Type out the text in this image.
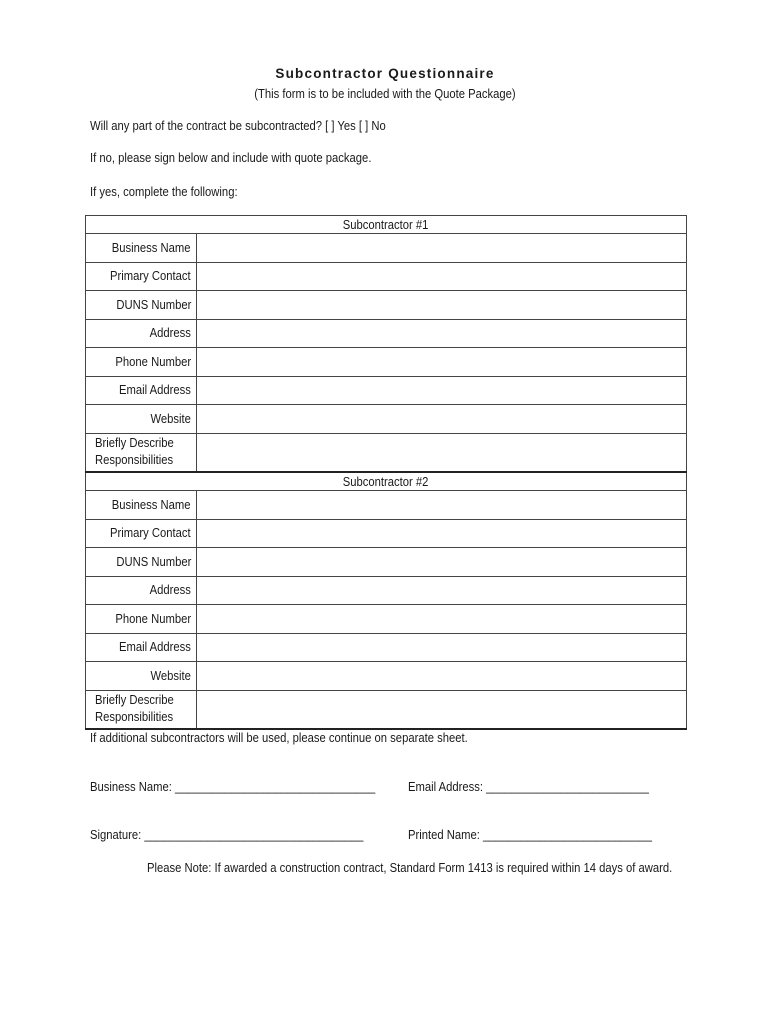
Subcontractor Questionnaire
(This form is to be included with the Quote Package)
Will any part of the contract be subcontracted? [ ] Yes [ ] No
If no, please sign below and include with quote package.
If yes, complete the following:
Subcontractor #1	
Business Name	
Primary Contact	
DUNS Number	
Address	
Phone Number	
Email Address	
Website	
Briefly Describe
Responsibilities	
Subcontractor #2	
Business Name	
Primary Contact	
DUNS Number	
Address	
Phone Number	
Email Address	
Website	
Briefly Describe
Responsibilities	
If additional subcontractors will be used, please continue on separate sheet.
Business Name: ________________________________	Email Address: __________________________
Signature: ___________________________________	Printed Name: ___________________________
Please Note: If awarded a construction contract, Standard Form 1413 is required within 14 days of award.
